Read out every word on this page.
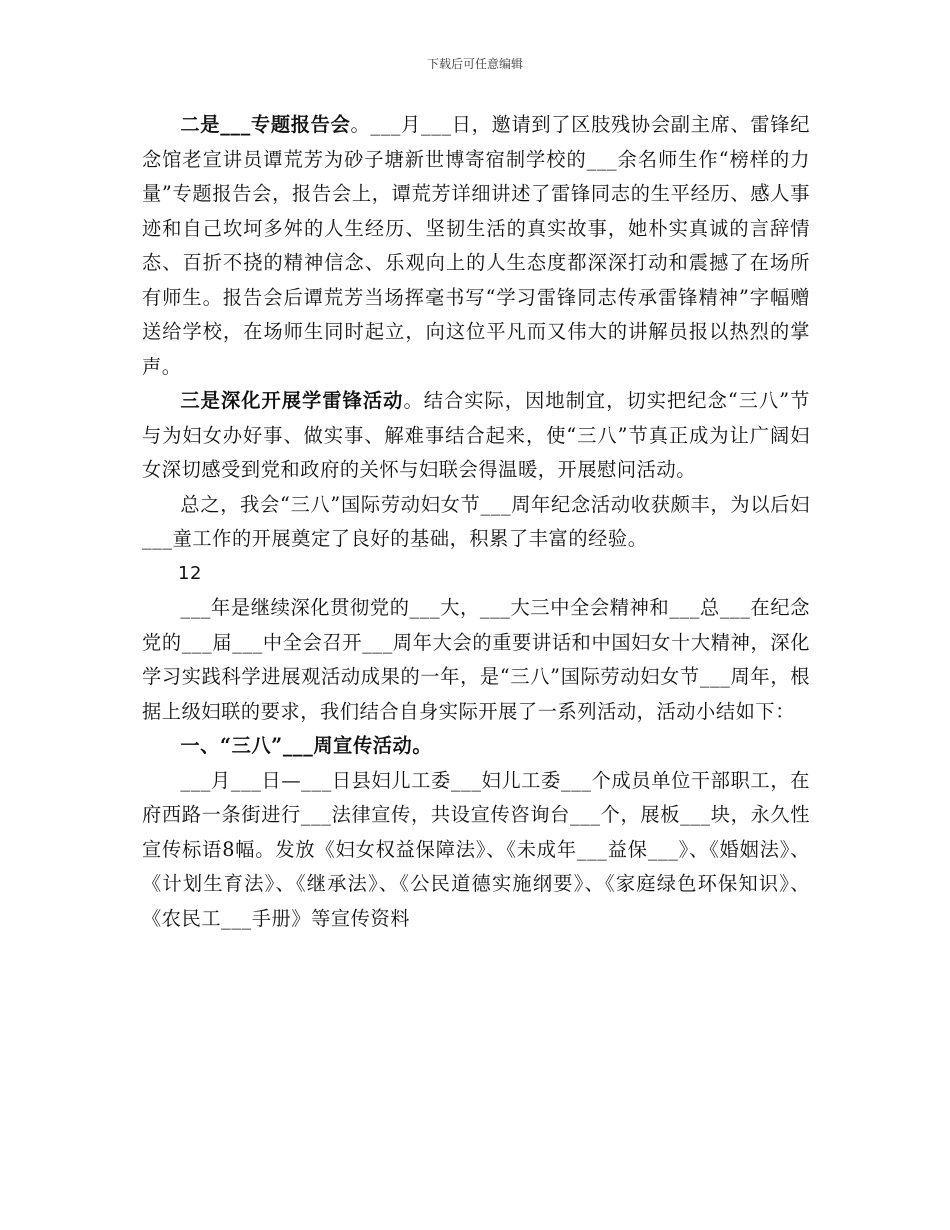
下载后可任意编辑

二是___专题报告会。___月___日，邀请到了区肢残协会副主席、雷锋纪念馆老宣讲员谭荒芳为砂子塘新世博寄宿制学校的___余名师生作“榜样的力量”专题报告会，报告会上，谭荒芳详细讲述了雷锋同志的生平经历、感人事迹和自己坎坷多舛的人生经历、坚韧生活的真实故事，她朴实真诚的言辞情态、百折不挠的精神信念、乐观向上的人生态度都深深打动和震撼了在场所有师生。报告会后谭荒芳当场挥毫书写“学习雷锋同志传承雷锋精神”字幅赠送给学校，在场师生同时起立，向这位平凡而又伟大的讲解员报以热烈的掌声。

三是深化开展学雷锋活动。结合实际，因地制宜，切实把纪念“三八”节与为妇女办好事、做实事、解难事结合起来，使“三八”节真正成为让广阔妇女深切感受到党和政府的关怀与妇联会得温暖，开展慰问活动。

总之，我会“三八”国际劳动妇女节___周年纪念活动收获颇丰，为以后妇___童工作的开展奠定了良好的基础，积累了丰富的经验。

12

___年是继续深化贯彻党的___大，___大三中全会精神和___总___在纪念党的___届___中全会召开___周年大会的重要讲话和中国妇女十大精神，深化学习实践科学进展观活动成果的一年，是“三八”国际劳动妇女节___周年，根据上级妇联的要求，我们结合自身实际开展了一系列活动，活动小结如下：

一、“三八”___周宣传活动。

___月___日—___日县妇儿工委___妇儿工委___个成员单位干部职工，在府西路一条街进行___法律宣传，共设宣传咨询台___个，展板___块，永久性宣传标语8幅。发放《妇女权益保障法》、《未成年___益保___》、《婚姻法》、《计划生育法》、《继承法》、《公民道德实施纲要》、《家庭绿色环保知识》、《农民工___手册》等宣传资料
